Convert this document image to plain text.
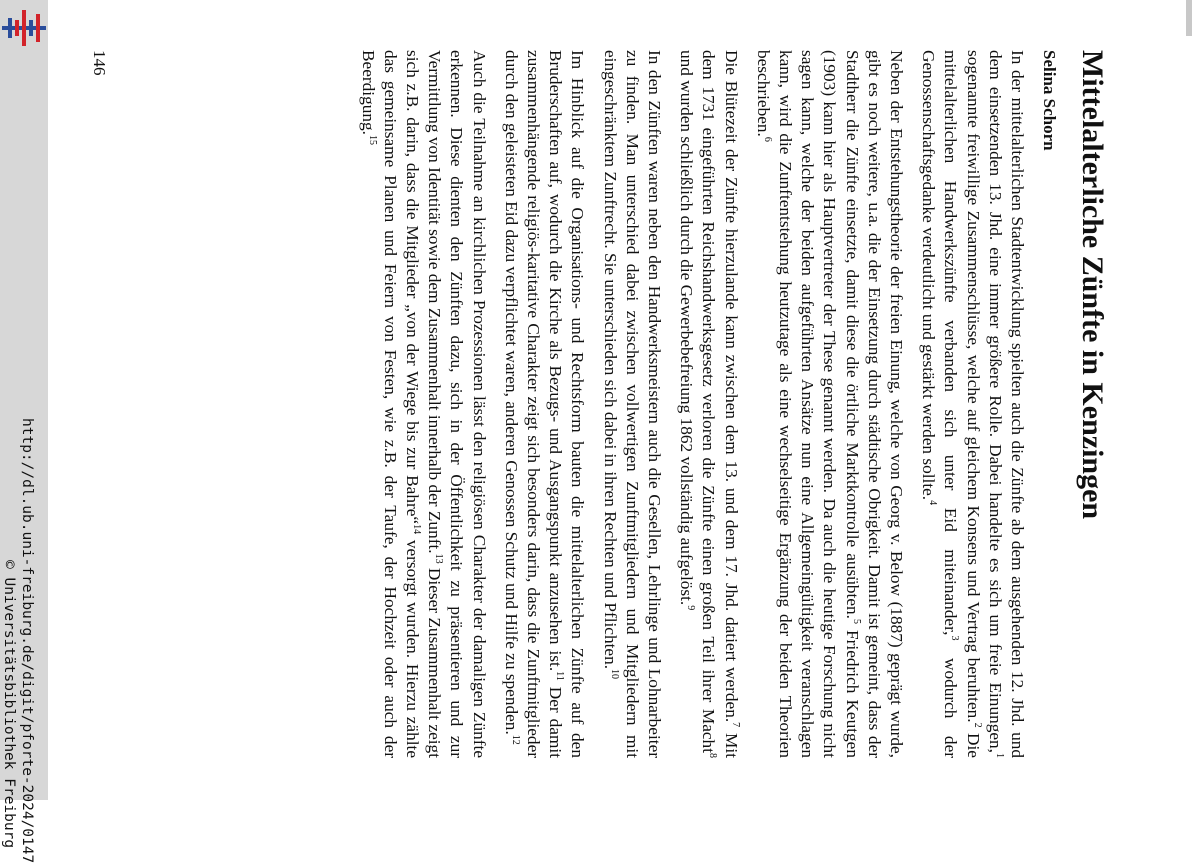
http://dl.ub.uni-freiburg.de/digit/pforte-2024/0147
© Universitätsbibliothek Freiburg
Mittelalterliche Zünfte in Kenzingen
Selina Schorn

In der mittelalterlichen Stadtentwicklung spielten auch die Zünfte ab dem ausgehenden 12. Jhd. und dem einsetzenden 13. Jhd. eine immer größere Rolle. Dabei handelte es sich um freie Einungen,$^1$ sogenannte freiwillige Zusammenschlüsse, welche auf gleichem Konsens und Vertrag beruhten.$^2$ Die mittelalterlichen Handwerkszünfte verbanden sich unter Eid miteinander,$^3$ wodurch der Genossenschaftsgedanke verdeutlicht und gestärkt werden sollte.$^4$

Neben der Entstehungstheorie der freien Einung, welche von Georg v. Below (1887) geprägt wurde, gibt es noch weitere, u.a. die der Einsetzung durch städtische Obrigkeit. Damit ist gemeint, dass der Stadtherr die Zünfte einsetzte, damit diese die örtliche Marktkontrolle ausübten.$^5$ Friedrich Keutgen (1903) kann hier als Hauptvertreter der These genannt werden. Da auch die heutige Forschung nicht sagen kann, welche der beiden aufgeführten Ansätze nun eine Allgemeingültigkeit veranschlagen kann, wird die Zunftentstehung heutzutage als eine wechselseitige Ergänzung der beiden Theorien beschrieben.$^6$

Die Blütezeit der Zünfte hierzulande kann zwischen dem 13. und dem 17. Jhd. datiert werden.$^7$ Mit dem 1731 eingeführten Reichshandwerksgesetz verloren die Zünfte einen großen Teil ihrer Macht$^8$ und wurden schließlich durch die Gewerbebefreiung 1862 vollständig aufgelöst.$^9$

In den Zünften waren neben den Handwerksmeistern auch die Gesellen, Lehrlinge und Lohnarbeiter zu finden. Man unterschied dabei zwischen vollwertigen Zunftmitgliedern und Mitgliedern mit eingeschränktem Zunftrecht. Sie unterschieden sich dabei in ihren Rechten und Pflichten.$^{10}$

Im Hinblick auf die Organisations- und Rechtsform bauten die mittelalterlichen Zünfte auf den Bruderschaften auf, wodurch die Kirche als Bezugs- und Ausgangspunkt anzusehen ist.$^{11}$ Der damit zusammenhängende religiös-karitative Charakter zeigt sich besonders darin, dass die Zunftmitglieder durch den geleisteten Eid dazu verpflichtet waren, anderen Genossen Schutz und Hilfe zu spenden.$^{12}$

Auch die Teilnahme an kirchlichen Prozessionen lässt den religiösen Charakter der damaligen Zünfte erkennen. Diese dienten den Zünften dazu, sich in der Öffentlichkeit zu präsentieren und zur Vermittlung von Identität sowie dem Zusammenhalt innerhalb der Zunft.$^{13}$ Dieser Zusammenhalt zeigt sich z.B. darin, dass die Mitglieder „von der Wiege bis zur Bahre“$^{14}$ versorgt wurden. Hierzu zählte das gemeinsame Planen und Feiern von Festen, wie z.B. der Taufe, der Hochzeit oder auch der Beerdigung.$^{15}$

146
